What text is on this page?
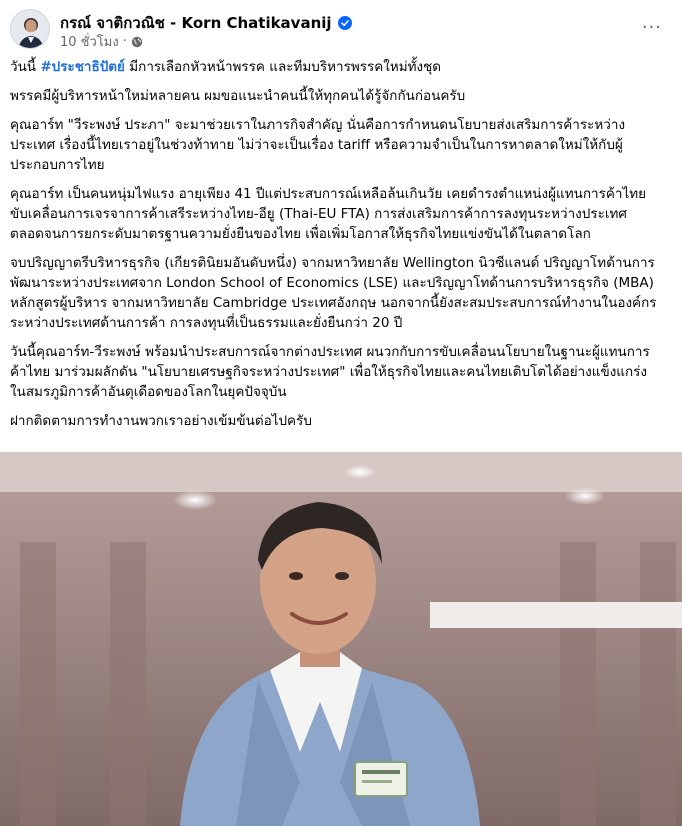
กรณ์ จาติกวณิช - Korn Chatikavanij
10 ชั่วโมง ·
···

วันนี้ #ประชาธิปัตย์ มีการเลือกหัวหน้าพรรค และทีมบริหารพรรคใหม่ทั้งชุด

พรรคมีผู้บริหารหน้าใหม่หลายคน ผมขอแนะนำคนนี้ให้ทุกคนได้รู้จักกันก่อนครับ

คุณอาร์ท "วีระพงษ์ ประภา" จะมาช่วยเราในภารกิจสำคัญ นั่นคือการกำหนดนโยบายส่งเสริมการค้าระหว่างประเทศ เรื่องนี้ไทยเราอยู่ในช่วงท้าทาย ไม่ว่าจะเป็นเรื่อง tariff หรือความจำเป็นในการหาตลาดใหม่ให้กับผู้ประกอบการไทย

คุณอาร์ท เป็นคนหนุ่มไฟแรง อายุเพียง 41 ปีแต่ประสบการณ์เหลือล้นเกินวัย เคยดำรงตำแหน่งผู้แทนการค้าไทย ขับเคลื่อนการเจรจาการค้าเสรีระหว่างไทย-อียู (Thai-EU FTA) การส่งเสริมการค้าการลงทุนระหว่างประเทศ ตลอดจนการยกระดับมาตรฐานความยั่งยืนของไทย เพื่อเพิ่มโอกาสให้ธุรกิจไทยแข่งขันได้ในตลาดโลก

จบปริญญาตรีบริหารธุรกิจ (เกียรตินิยมอันดับหนึ่ง) จากมหาวิทยาลัย Wellington นิวซีแลนด์ ปริญญาโทด้านการพัฒนาระหว่างประเทศจาก London School of Economics (LSE) และปริญญาโทด้านการบริหารธุรกิจ (MBA) หลักสูตรผู้บริหาร จากมหาวิทยาลัย Cambridge ประเทศอังกฤษ นอกจากนี้ยังสะสมประสบการณ์ทำงานในองค์กรระหว่างประเทศด้านการค้า การลงทุนที่เป็นธรรมและยั่งยืนกว่า 20 ปี

วันนี้คุณอาร์ท-วีระพงษ์ พร้อมนำประสบการณ์จากต่างประเทศ ผนวกกับการขับเคลื่อนนโยบายในฐานะผู้แทนการค้าไทย มาร่วมผลักดัน "นโยบายเศรษฐกิจระหว่างประเทศ" เพื่อให้ธุรกิจไทยและคนไทยเติบโตได้อย่างแข็งแกร่งในสมรภูมิการค้าอันดุเดือดของโลกในยุคปัจจุบัน

ฝากติดตามการทำงานพวกเราอย่างเข้มข้นต่อไปครับ
